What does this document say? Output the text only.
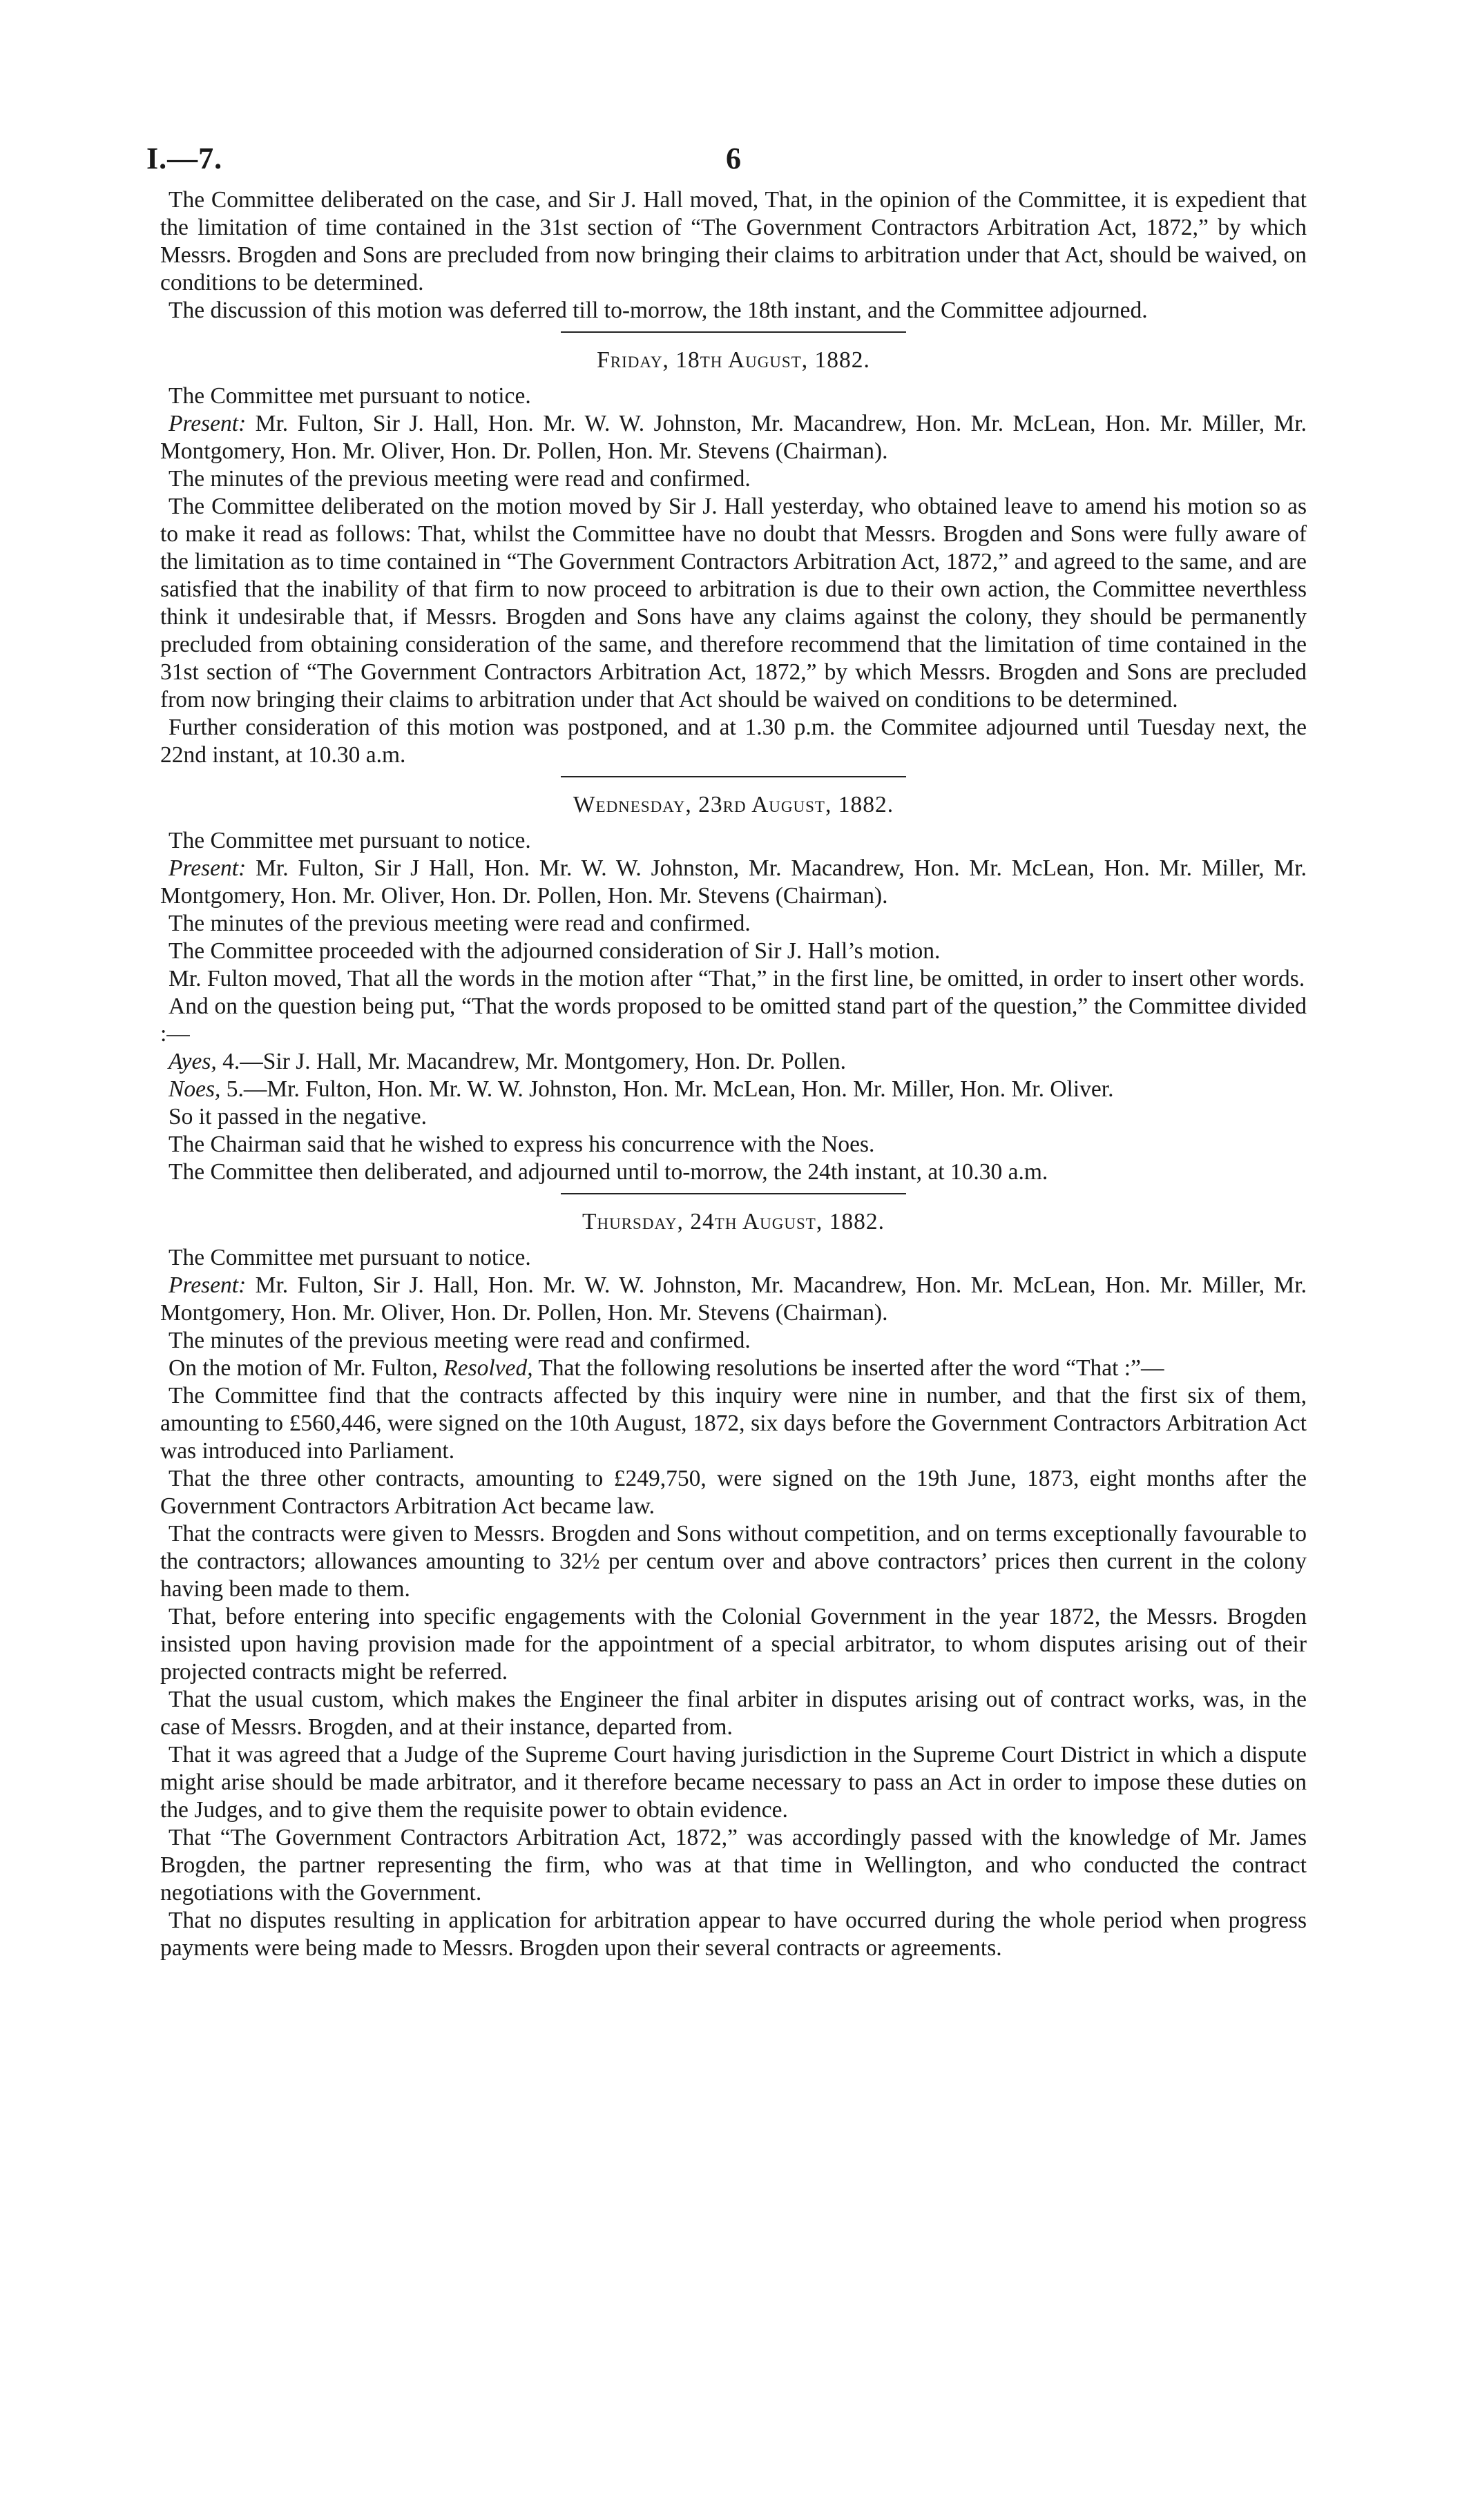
I.—7.	6

The Committee deliberated on the case, and Sir J. Hall moved, That, in the opinion of the Committee, it is expedient that the limitation of time contained in the 31st section of “The Government Contractors Arbitration Act, 1872,” by which Messrs. Brogden and Sons are precluded from now bringing their claims to arbitration under that Act, should be waived, on conditions to be determined.

The discussion of this motion was deferred till to-morrow, the 18th instant, and the Committee adjourned.

Friday, 18th August, 1882.

The Committee met pursuant to notice.

Present: Mr. Fulton, Sir J. Hall, Hon. Mr. W. W. Johnston, Mr. Macandrew, Hon. Mr. McLean, Hon. Mr. Miller, Mr. Montgomery, Hon. Mr. Oliver, Hon. Dr. Pollen, Hon. Mr. Stevens (Chairman).

The minutes of the previous meeting were read and confirmed.

The Committee deliberated on the motion moved by Sir J. Hall yesterday, who obtained leave to amend his motion so as to make it read as follows: That, whilst the Committee have no doubt that Messrs. Brogden and Sons were fully aware of the limitation as to time contained in “The Government Contractors Arbitration Act, 1872,” and agreed to the same, and are satisfied that the inability of that firm to now proceed to arbitration is due to their own action, the Committee neverthless think it undesirable that, if Messrs. Brogden and Sons have any claims against the colony, they should be permanently precluded from obtaining consideration of the same, and therefore recommend that the limitation of time contained in the 31st section of “The Government Contractors Arbitration Act, 1872,” by which Messrs. Brogden and Sons are precluded from now bringing their claims to arbitration under that Act should be waived on conditions to be determined.

Further consideration of this motion was postponed, and at 1.30 p.m. the Commitee adjourned until Tuesday next, the 22nd instant, at 10.30 a.m.

Wednesday, 23rd August, 1882.

The Committee met pursuant to notice.

Present: Mr. Fulton, Sir J Hall, Hon. Mr. W. W. Johnston, Mr. Macandrew, Hon. Mr. McLean, Hon. Mr. Miller, Mr. Montgomery, Hon. Mr. Oliver, Hon. Dr. Pollen, Hon. Mr. Stevens (Chairman).

The minutes of the previous meeting were read and confirmed.

The Committee proceeded with the adjourned consideration of Sir J. Hall’s motion.

Mr. Fulton moved, That all the words in the motion after “That,” in the first line, be omitted, in order to insert other words.

And on the question being put, “That the words proposed to be omitted stand part of the question,” the Committee divided :—

Ayes, 4.—Sir J. Hall, Mr. Macandrew, Mr. Montgomery, Hon. Dr. Pollen.

Noes, 5.—Mr. Fulton, Hon. Mr. W. W. Johnston, Hon. Mr. McLean, Hon. Mr. Miller, Hon. Mr. Oliver.

So it passed in the negative.

The Chairman said that he wished to express his concurrence with the Noes.

The Committee then deliberated, and adjourned until to-morrow, the 24th instant, at 10.30 a.m.

Thursday, 24th August, 1882.

The Committee met pursuant to notice.

Present: Mr. Fulton, Sir J. Hall, Hon. Mr. W. W. Johnston, Mr. Macandrew, Hon. Mr. McLean, Hon. Mr. Miller, Mr. Montgomery, Hon. Mr. Oliver, Hon. Dr. Pollen, Hon. Mr. Stevens (Chairman).

The minutes of the previous meeting were read and confirmed.

On the motion of Mr. Fulton, Resolved, That the following resolutions be inserted after the word “That :”—

The Committee find that the contracts affected by this inquiry were nine in number, and that the first six of them, amounting to £560,446, were signed on the 10th August, 1872, six days before the Government Contractors Arbitration Act was introduced into Parliament.

That the three other contracts, amounting to £249,750, were signed on the 19th June, 1873, eight months after the Government Contractors Arbitration Act became law.

That the contracts were given to Messrs. Brogden and Sons without competition, and on terms exceptionally favourable to the contractors; allowances amounting to 32½ per centum over and above contractors’ prices then current in the colony having been made to them.

That, before entering into specific engagements with the Colonial Government in the year 1872, the Messrs. Brogden insisted upon having provision made for the appointment of a special arbitrator, to whom disputes arising out of their projected contracts might be referred.

That the usual custom, which makes the Engineer the final arbiter in disputes arising out of contract works, was, in the case of Messrs. Brogden, and at their instance, departed from.

That it was agreed that a Judge of the Supreme Court having jurisdiction in the Supreme Court District in which a dispute might arise should be made arbitrator, and it therefore became necessary to pass an Act in order to impose these duties on the Judges, and to give them the requisite power to obtain evidence.

That “The Government Contractors Arbitration Act, 1872,” was accordingly passed with the knowledge of Mr. James Brogden, the partner representing the firm, who was at that time in Wellington, and who conducted the contract negotiations with the Government.

That no disputes resulting in application for arbitration appear to have occurred during the whole period when progress payments were being made to Messrs. Brogden upon their several contracts or agreements.
